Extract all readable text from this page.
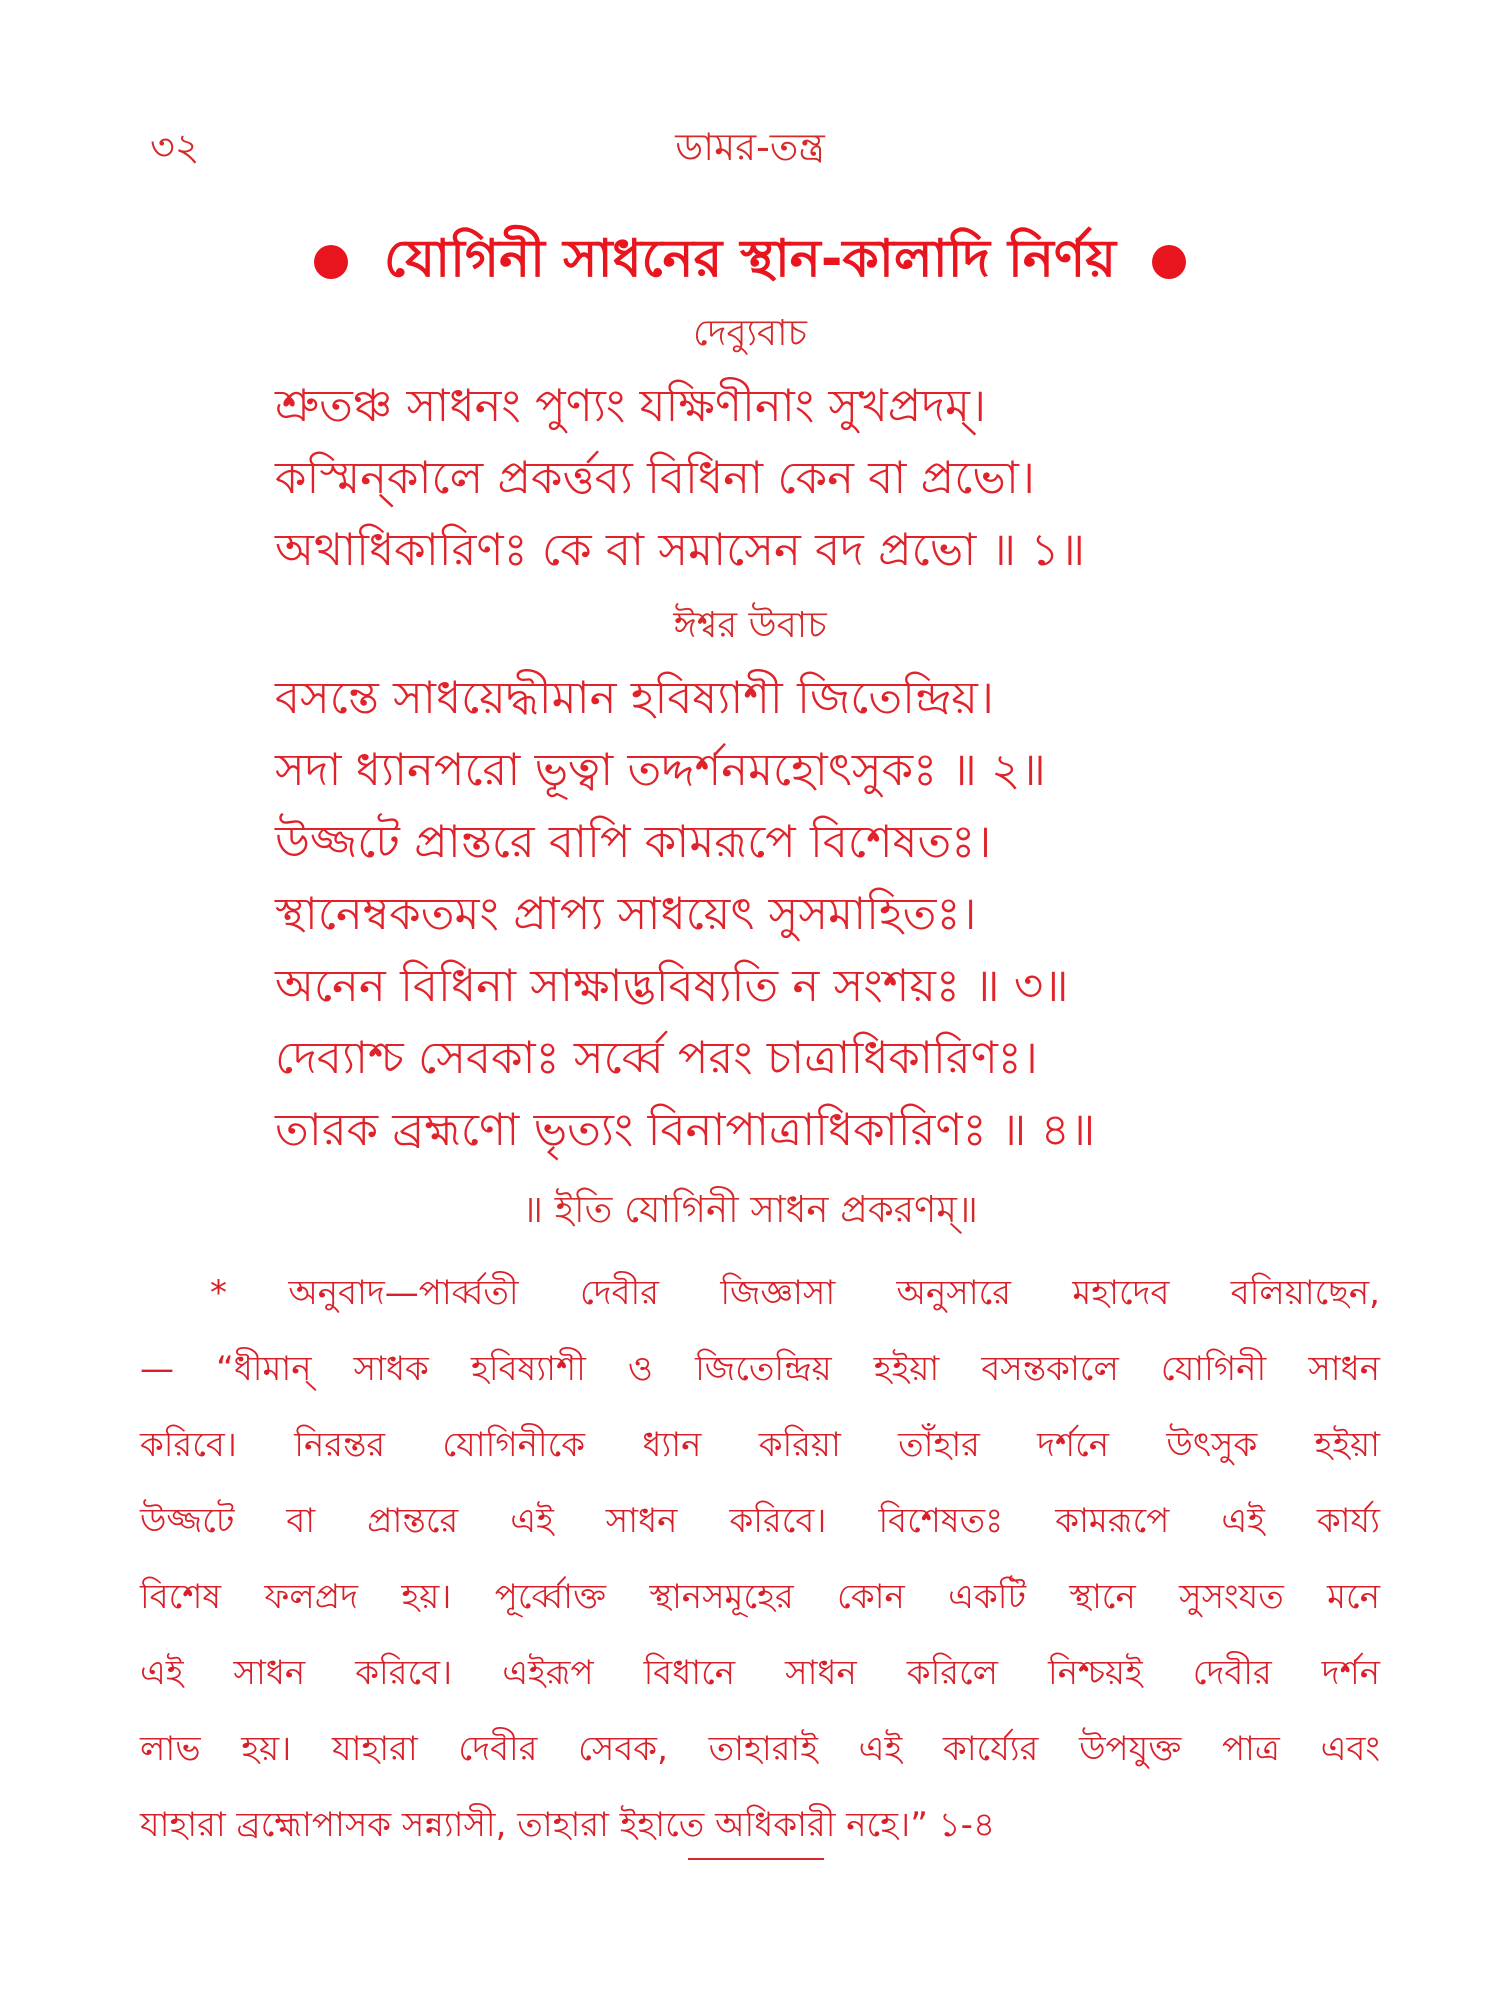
৩২	ডামর-তন্ত্র
যোগিনী সাধনের স্থান-কালাদি নির্ণয়
দেব্যুবাচ
শ্রুতঞ্চ সাধনং পুণ্যং যক্ষিণীনাং সুখপ্রদম্।
কস্মিন্‌কালে প্রকর্ত্তব্য বিধিনা কেন বা প্রভো।
অথাধিকারিণঃ কে বা সমাসেন বদ প্রভো ॥ ১॥
ঈশ্বর উবাচ
বসন্তে সাধয়েদ্ধীমান হবিষ্যাশী জিতেন্দ্রিয়।
সদা ধ্যানপরো ভূত্বা তদ্দর্শনমহোৎসুকঃ ॥ ২॥
উজ্জটে প্রান্তরে বাপি কামরূপে বিশেষতঃ।
স্থানেম্বকতমং প্রাপ্য সাধয়েৎ সুসমাহিতঃ।
অনেন বিধিনা সাক্ষাদ্ভবিষ্যতি ন সংশয়ঃ ॥ ৩॥
দেব্যাশ্চ সেবকাঃ সর্ব্বে পরং চাত্রাধিকারিণঃ।
তারক ব্রহ্মণো ভৃত্যং বিনাপাত্রাধিকারিণঃ ॥ ৪॥
॥ ইতি যোগিনী সাধন প্রকরণম্॥
* অনুবাদ—পার্ব্বতী দেবীর জিজ্ঞাসা অনুসারে মহাদেব বলিয়াছেন,
— “ধীমান্ সাধক হবিষ্যাশী ও জিতেন্দ্রিয় হইয়া বসন্তকালে যোগিনী সাধন
করিবে। নিরন্তর যোগিনীকে ধ্যান করিয়া তাঁহার দর্শনে উৎসুক হইয়া
উজ্জটে বা প্রান্তরে এই সাধন করিবে। বিশেষতঃ কামরূপে এই কার্য্য
বিশেষ ফলপ্রদ হয়। পূর্ব্বোক্ত স্থানসমূহের কোন একটি স্থানে সুসংযত মনে
এই সাধন করিবে। এইরূপ বিধানে সাধন করিলে নিশ্চয়ই দেবীর দর্শন
লাভ হয়। যাহারা দেবীর সেবক, তাহারাই এই কার্য্যের উপযুক্ত পাত্র এবং
যাহারা ব্রহ্মোপাসক সন্ন্যাসী, তাহারা ইহাতে অধিকারী নহে।” ১-৪
